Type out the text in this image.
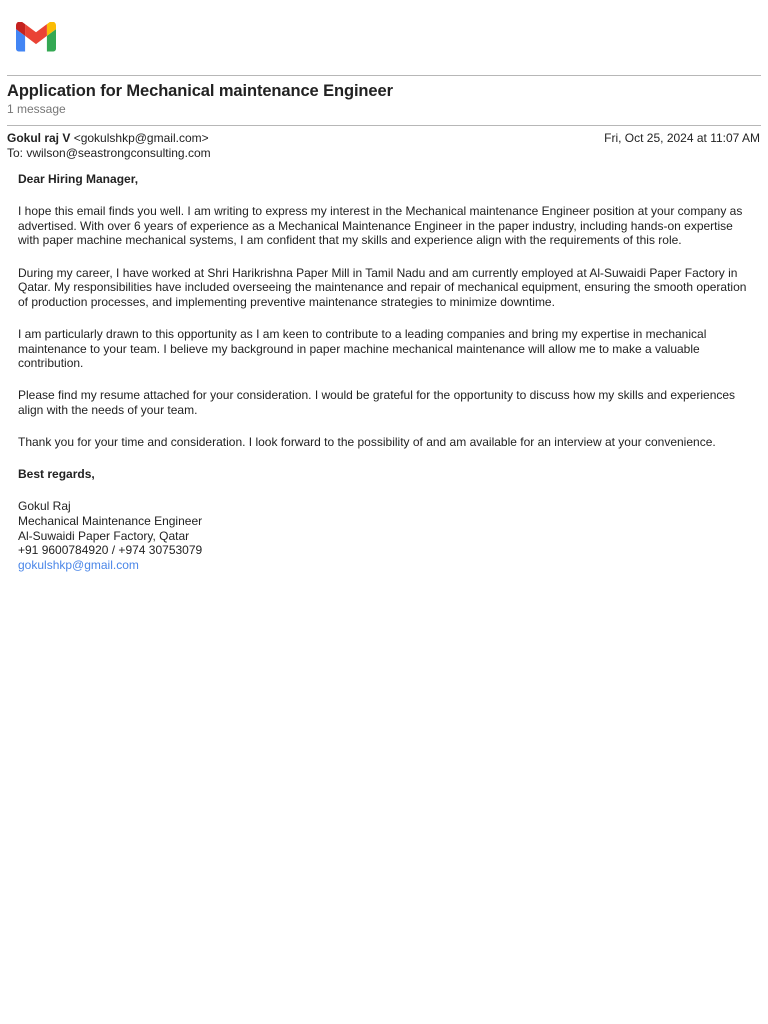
Application for Mechanical maintenance Engineer
1 message
Gokul raj V <gokulshkp@gmail.com>	Fri, Oct 25, 2024 at 11:07 AM
To: vwilson@seastrongconsulting.com

Dear Hiring Manager,

I hope this email finds you well. I am writing to express my interest in the Mechanical maintenance Engineer position at your company as advertised. With over 6 years of experience as a Mechanical Maintenance Engineer in the paper industry, including hands-on expertise with paper machine mechanical systems, I am confident that my skills and experience align with the requirements of this role.

During my career, I have worked at Shri Harikrishna Paper Mill in Tamil Nadu and am currently employed at Al-Suwaidi Paper Factory in Qatar. My responsibilities have included overseeing the maintenance and repair of mechanical equipment, ensuring the smooth operation of production processes, and implementing preventive maintenance strategies to minimize downtime.

I am particularly drawn to this opportunity as I am keen to contribute to a leading companies and bring my expertise in mechanical maintenance to your team. I believe my background in paper machine mechanical maintenance will allow me to make a valuable contribution.

Please find my resume attached for your consideration. I would be grateful for the opportunity to discuss how my skills and experiences align with the needs of your team.

Thank you for your time and consideration. I look forward to the possibility of and am available for an interview at your convenience.

Best regards,

Gokul Raj
Mechanical Maintenance Engineer
Al-Suwaidi Paper Factory, Qatar
+91 9600784920 / +974 30753079
gokulshkp@gmail.com
